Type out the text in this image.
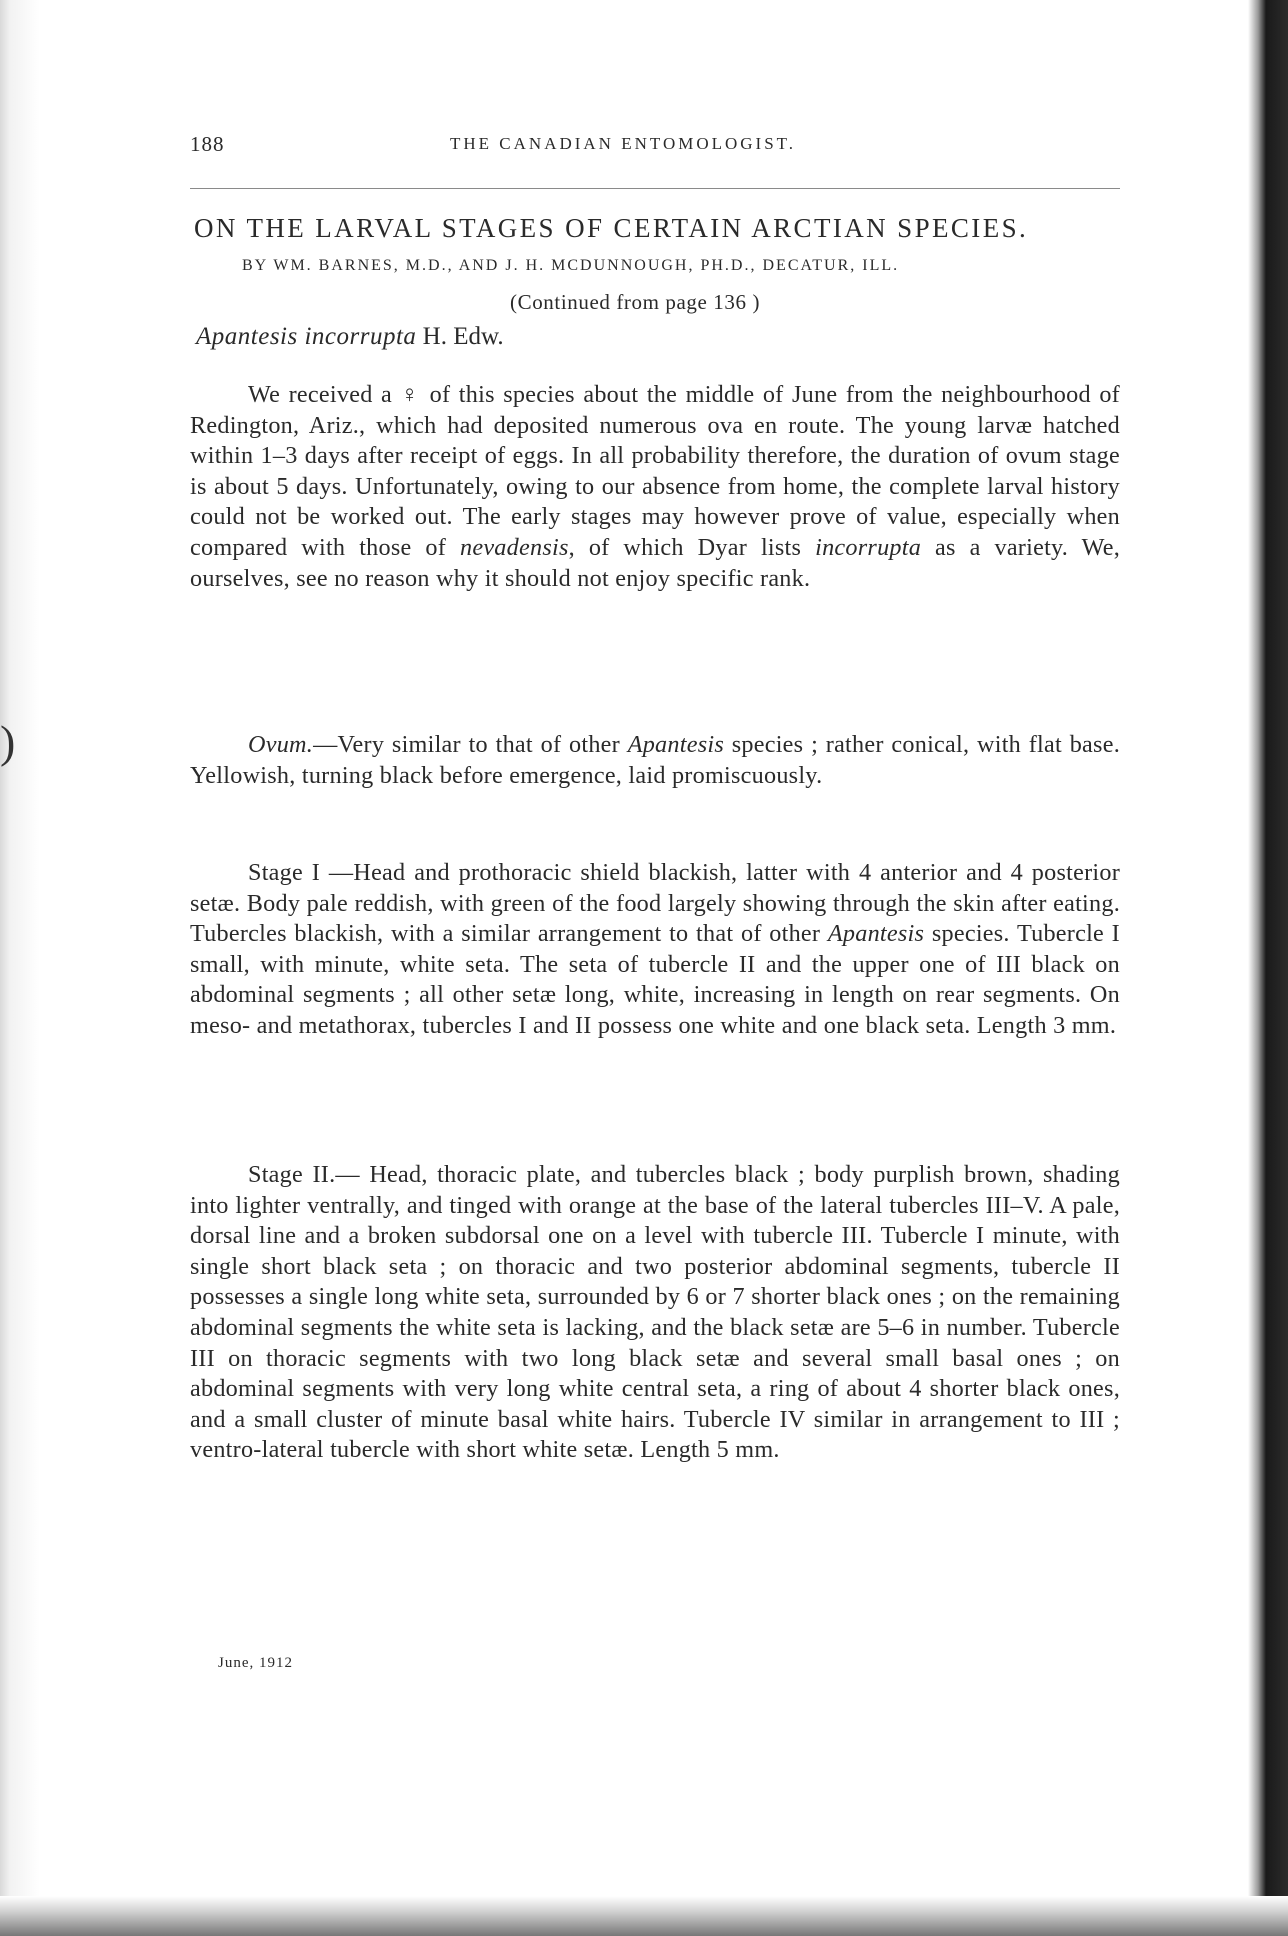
)
188	THE CANADIAN ENTOMOLOGIST.
ON THE LARVAL STAGES OF CERTAIN ARCTIAN SPECIES.
BY WM. BARNES, M.D., AND J. H. MCDUNNOUGH, PH.D., DECATUR, ILL.
(Continued from page 136 )
Apantesis incorrupta H. Edw.

We received a ♀ of this species about the middle of June from the neighbourhood of Redington, Ariz., which had deposited numerous ova en route. The young larvæ hatched within 1–3 days after receipt of eggs. In all probability therefore, the duration of ovum stage is about 5 days. Unfortunately, owing to our absence from home, the complete larval history could not be worked out. The early stages may however prove of value, especially when compared with those of nevadensis, of which Dyar lists incorrupta as a variety. We, ourselves, see no reason why it should not enjoy specific rank.

Ovum.—Very similar to that of other Apantesis species ; rather conical, with flat base. Yellowish, turning black before emergence, laid promiscuously.

Stage I —Head and prothoracic shield blackish, latter with 4 anterior and 4 posterior setæ. Body pale reddish, with green of the food largely showing through the skin after eating. Tubercles blackish, with a similar arrangement to that of other Apantesis species. Tubercle I small, with minute, white seta. The seta of tubercle II and the upper one of III black on abdominal segments ; all other setæ long, white, increasing in length on rear segments. On meso- and metathorax, tubercles I and II possess one white and one black seta. Length 3 mm.

Stage II.— Head, thoracic plate, and tubercles black ; body purplish brown, shading into lighter ventrally, and tinged with orange at the base of the lateral tubercles III–V. A pale, dorsal line and a broken subdorsal one on a level with tubercle III. Tubercle I minute, with single short black seta ; on thoracic and two posterior abdominal segments, tubercle II possesses a single long white seta, surrounded by 6 or 7 shorter black ones ; on the remaining abdominal segments the white seta is lacking, and the black setæ are 5–6 in number. Tubercle III on thoracic segments with two long black setæ and several small basal ones ; on abdominal segments with very long white central seta, a ring of about 4 shorter black ones, and a small cluster of minute basal white hairs. Tubercle IV similar in arrangement to III ; ventro-lateral tubercle with short white setæ. Length 5 mm.

June, 1912
